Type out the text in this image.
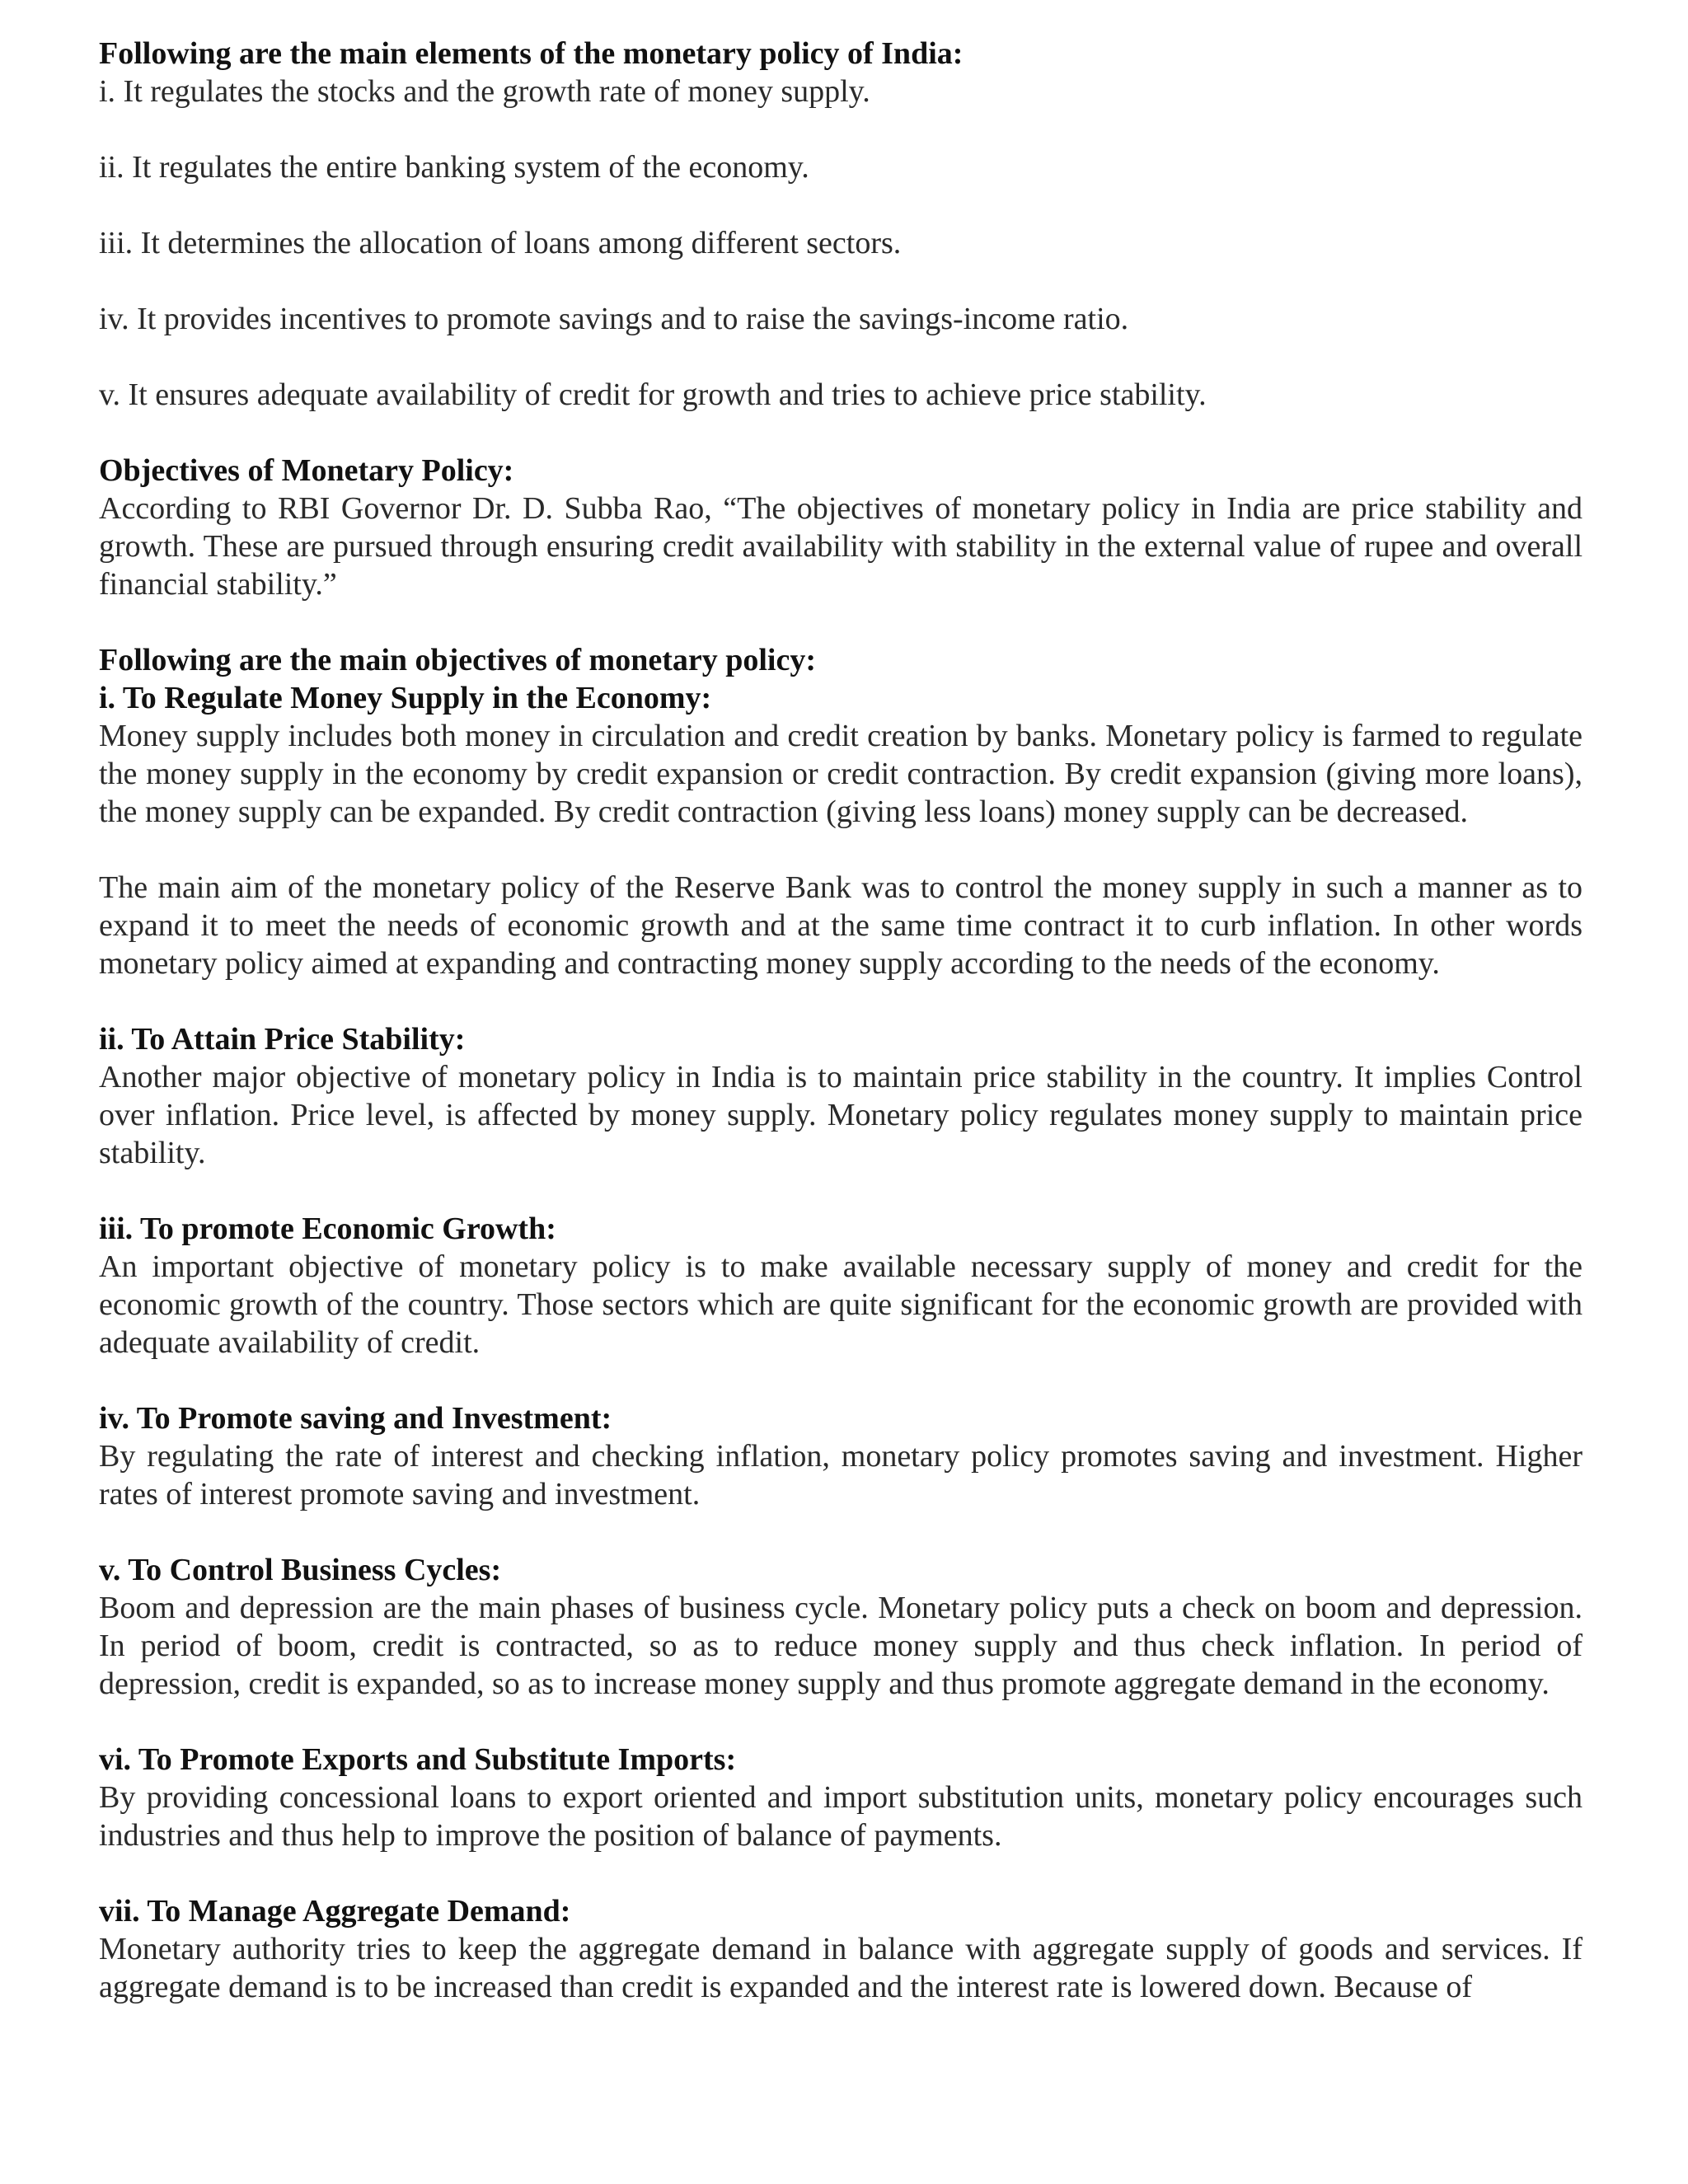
Following are the main elements of the monetary policy of India:

i. It regulates the stocks and the growth rate of money supply.

ii. It regulates the entire banking system of the economy.

iii. It determines the allocation of loans among different sectors.

iv. It provides incentives to promote savings and to raise the savings-income ratio.

v. It ensures adequate availability of credit for growth and tries to achieve price stability.

Objectives of Monetary Policy:

According to RBI Governor Dr. D. Subba Rao, “The objectives of monetary policy in India are price stability and growth. These are pursued through ensuring credit availability with stability in the external value of rupee and overall financial stability.”

Following are the main objectives of monetary policy:

i. To Regulate Money Supply in the Economy:

Money supply includes both money in circulation and credit creation by banks. Monetary policy is farmed to regulate the money supply in the economy by credit expansion or credit contraction. By credit expansion (giving more loans), the money supply can be expanded. By credit contraction (giving less loans) money supply can be decreased.

The main aim of the monetary policy of the Reserve Bank was to control the money supply in such a manner as to expand it to meet the needs of economic growth and at the same time contract it to curb inflation. In other words monetary policy aimed at expanding and contracting money supply according to the needs of the economy.

ii. To Attain Price Stability:

Another major objective of monetary policy in India is to maintain price stability in the country. It implies Control over inflation. Price level, is affected by money supply. Monetary policy regulates money supply to maintain price stability.

iii. To promote Economic Growth:

An important objective of monetary policy is to make available necessary supply of money and credit for the economic growth of the country. Those sectors which are quite significant for the economic growth are provided with adequate availability of credit.

iv. To Promote saving and Investment:

By regulating the rate of interest and checking inflation, monetary policy promotes saving and investment. Higher rates of interest promote saving and investment.

v. To Control Business Cycles:

Boom and depression are the main phases of business cycle. Monetary policy puts a check on boom and depression. In period of boom, credit is contracted, so as to reduce money supply and thus check inflation. In period of depression, credit is expanded, so as to increase money supply and thus promote aggregate demand in the economy.

vi. To Promote Exports and Substitute Imports:

By providing concessional loans to export oriented and import substitution units, monetary policy encourages such industries and thus help to improve the position of balance of payments.

vii. To Manage Aggregate Demand:

Monetary authority tries to keep the aggregate demand in balance with aggregate supply of goods and services. If aggregate demand is to be increased than credit is expanded and the interest rate is lowered down. Because of
